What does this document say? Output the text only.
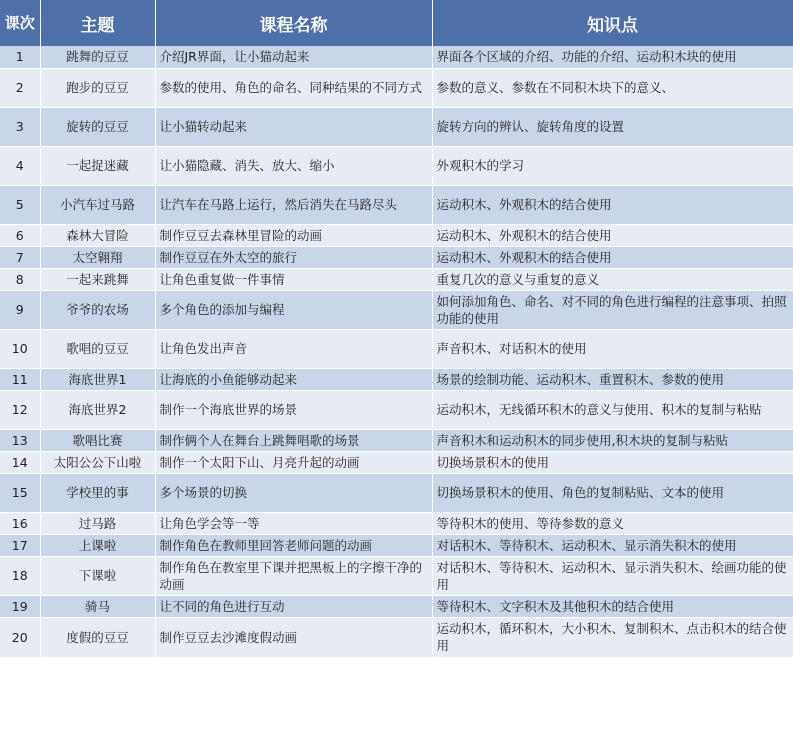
课次	主题	课程名称	知识点
1	跳舞的豆豆	介绍JR界面，让小猫动起来	界面各个区域的介绍、功能的介绍、运动积木块的使用
2	跑步的豆豆	参数的使用、角色的命名、同种结果的不同方式	参数的意义、参数在不同积木块下的意义、
3	旋转的豆豆	让小猫转动起来	旋转方向的辨认、旋转角度的设置
4	一起捉迷藏	让小猫隐藏、消失、放大、缩小	外观积木的学习
5	小汽车过马路	让汽车在马路上运行，然后消失在马路尽头	运动积木、外观积木的结合使用
6	森林大冒险	制作豆豆去森林里冒险的动画	运动积木、外观积木的结合使用
7	太空翱翔	制作豆豆在外太空的旅行	运动积木、外观积木的结合使用
8	一起来跳舞	让角色重复做一件事情	重复几次的意义与重复的意义
9	爷爷的农场	多个角色的添加与编程	如何添加角色、命名、对不同的角色进行编程的注意事项、拍照功能的使用
10	歌唱的豆豆	让角色发出声音	声音积木、对话积木的使用
11	海底世界1	让海底的小鱼能够动起来	场景的绘制功能、运动积木、重置积木、参数的使用
12	海底世界2	制作一个海底世界的场景	运动积木，无线循环积木的意义与使用、积木的复制与粘贴
13	歌唱比赛	制作俩个人在舞台上跳舞唱歌的场景	声音积木和运动积木的同步使用,积木块的复制与粘贴
14	太阳公公下山啦	制作一个太阳下山、月亮升起的动画	切换场景积木的使用
15	学校里的事	多个场景的切换	切换场景积木的使用、角色的复制粘贴、文本的使用
16	过马路	让角色学会等一等	等待积木的使用、等待参数的意义
17	上课啦	制作角色在教师里回答老师问题的动画	对话积木、等待积木、运动积木、显示消失积木的使用
18	下课啦	制作角色在教室里下课并把黑板上的字擦干净的动画	对话积木、等待积木、运动积木、显示消失积木、绘画功能的使用
19	骑马	让不同的角色进行互动	等待积木、文字积木及其他积木的结合使用
20	度假的豆豆	制作豆豆去沙滩度假动画	运动积木，循环积木，大小积木、复制积木、点击积木的结合使用
